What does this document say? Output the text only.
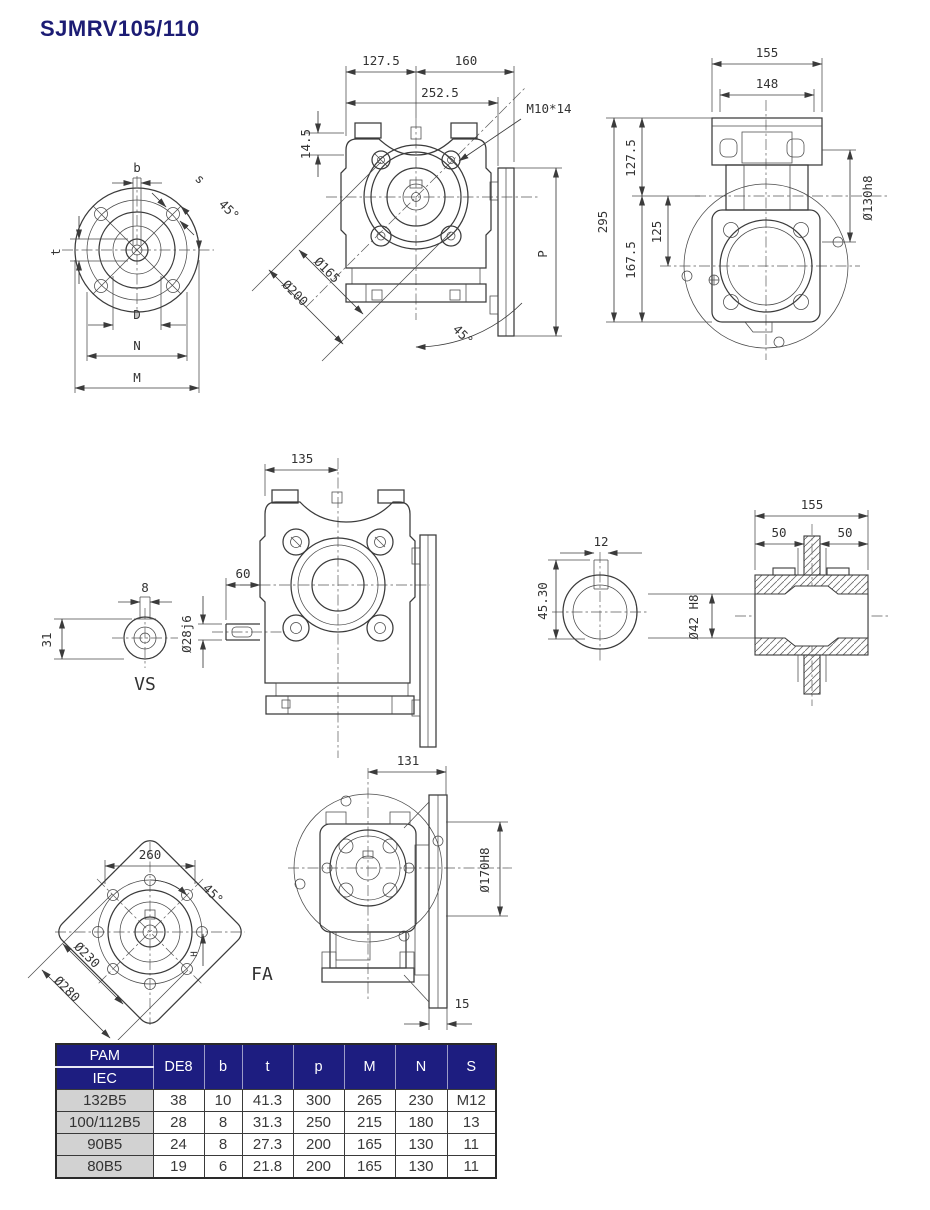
SJMRV105/110
b
s
45°
t
D
N
M
127.5	160
252.5
14.5
M10*14
Ø165
Ø200
45°
P
155
148
295
127.5
167.5
125
Ø130h8
8
31
VS
135
60
Ø28j6
12
45.30	Ø42 H8
155
50	50
131
Ø170H8
15
260
45°
Ø230
Ø280
H
FA
PAM	DE8	b	t	p	M	N	S
IEC							
132B5	38	10	41.3	300	265	230	M12
100/112B5	28	8	31.3	250	215	180	13
90B5	24	8	27.3	200	165	130	11
80B5	19	6	21.8	200	165	130	11
